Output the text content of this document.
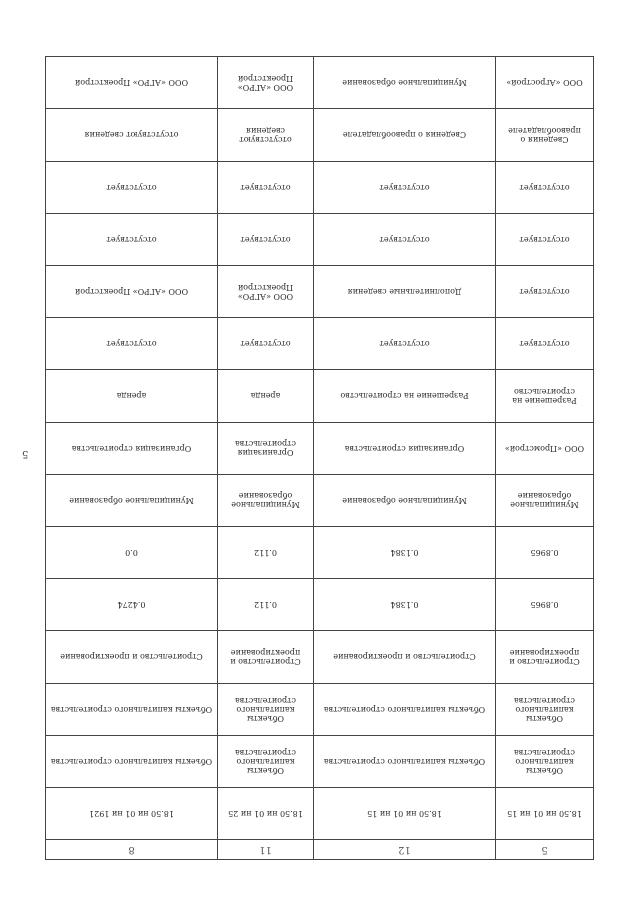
5
5	12	11	8
18.50 ни 01 ни 15	18.50 ни 01 ни 15	18.50 ни 01 ни 25	18.50 ни 01 ни 1921
Объекты капитального строительства	Объекты капитального строительства	Объекты капитального строительства	Объекты капитального строительства
Объекты капитального строительства	Объекты капитального строительства	Объекты капитального строительства	Объекты капитального строительства
Строительство и проектирование	Строительство и проектирование	Строительство и проектирование	Строительство и проектирование
0.8965	0.1384	0.112	0.4274
0.8965	0.1384	0.112	0.0
Муниципальное образование	Муниципальное образование	Муниципальное образование	Муниципальное образование
ООО «Промстрой»	Организация строительства	Организация строительства	Организация строительства
Разрешение на строительство	Разрешение на строительство	аренда	аренда
отсутствует	отсутствует	отсутствует	отсутствует
отсутствует	Дополнительные сведения	ООО «АГРО» Проектстрой	ООО «АГРО» Проектстрой
отсутствует	отсутствует	отсутствует	отсутствует
отсутствует	отсутствует	отсутствует	отсутствует
Сведения о правообладателе	Сведения о правообладателе	отсутствуют сведения	отсутствуют сведения
ООО «Агрострой»	Муниципальное образование	ООО «АГРО» Проектстрой	ООО «АГРО» Проектстрой
